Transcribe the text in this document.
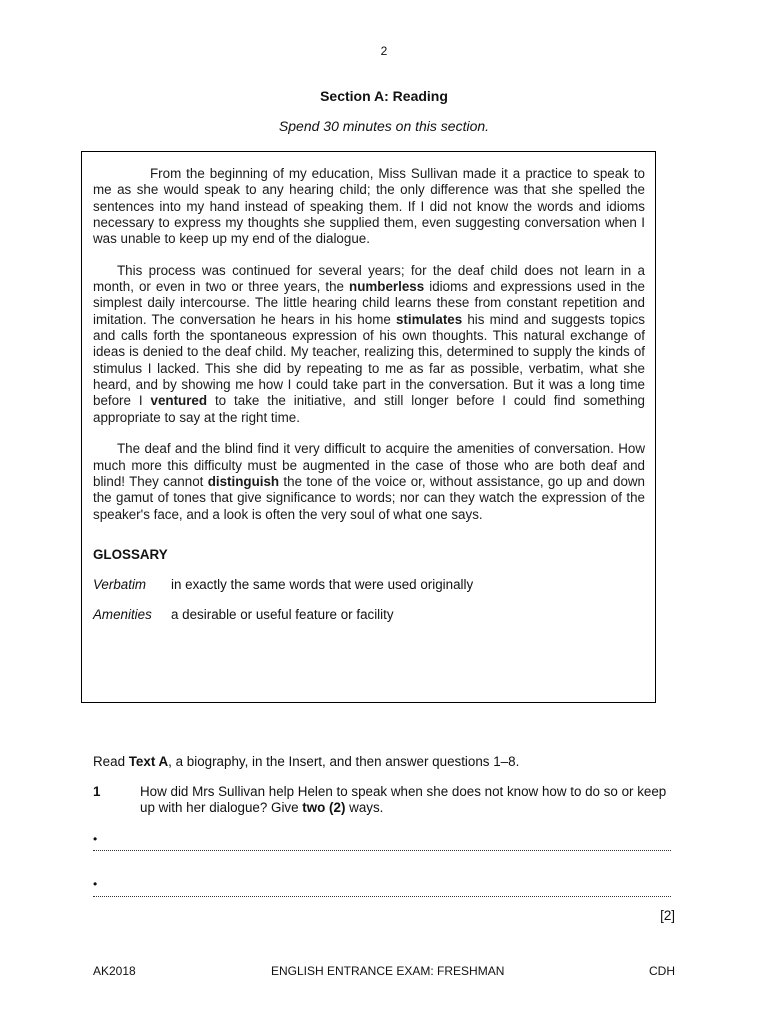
2
Section A: Reading
Spend 30 minutes on this section.

From the beginning of my education, Miss Sullivan made it a practice to speak to me as she would speak to any hearing child; the only difference was that she spelled the sentences into my hand instead of speaking them. If I did not know the words and idioms necessary to express my thoughts she supplied them, even suggesting conversation when I was unable to keep up my end of the dialogue.

This process was continued for several years; for the deaf child does not learn in a month, or even in two or three years, the numberless idioms and expressions used in the simplest daily intercourse. The little hearing child learns these from constant repetition and imitation. The conversation he hears in his home stimulates his mind and suggests topics and calls forth the spontaneous expression of his own thoughts. This natural exchange of ideas is denied to the deaf child. My teacher, realizing this, determined to supply the kinds of stimulus I lacked. This she did by repeating to me as far as possible, verbatim, what she heard, and by showing me how I could take part in the conversation. But it was a long time before I ventured to take the initiative, and still longer before I could find something appropriate to say at the right time.

The deaf and the blind find it very difficult to acquire the amenities of conversation. How much more this difficulty must be augmented in the case of those who are both deaf and blind! They cannot distinguish the tone of the voice or, without assistance, go up and down the gamut of tones that give significance to words; nor can they watch the expression of the speaker's face, and a look is often the very soul of what one says.

GLOSSARY
Verbatim	in exactly the same words that were used originally
Amenities	a desirable or useful feature or facility
Read Text A, a biography, in the Insert, and then answer questions 1–8.
1	How did Mrs Sullivan help Helen to speak when she does not know how to do so or keep up with her dialogue? Give two (2) ways.
•
•
[2]
AK2018	ENGLISH ENTRANCE EXAM: FRESHMAN	CDH
